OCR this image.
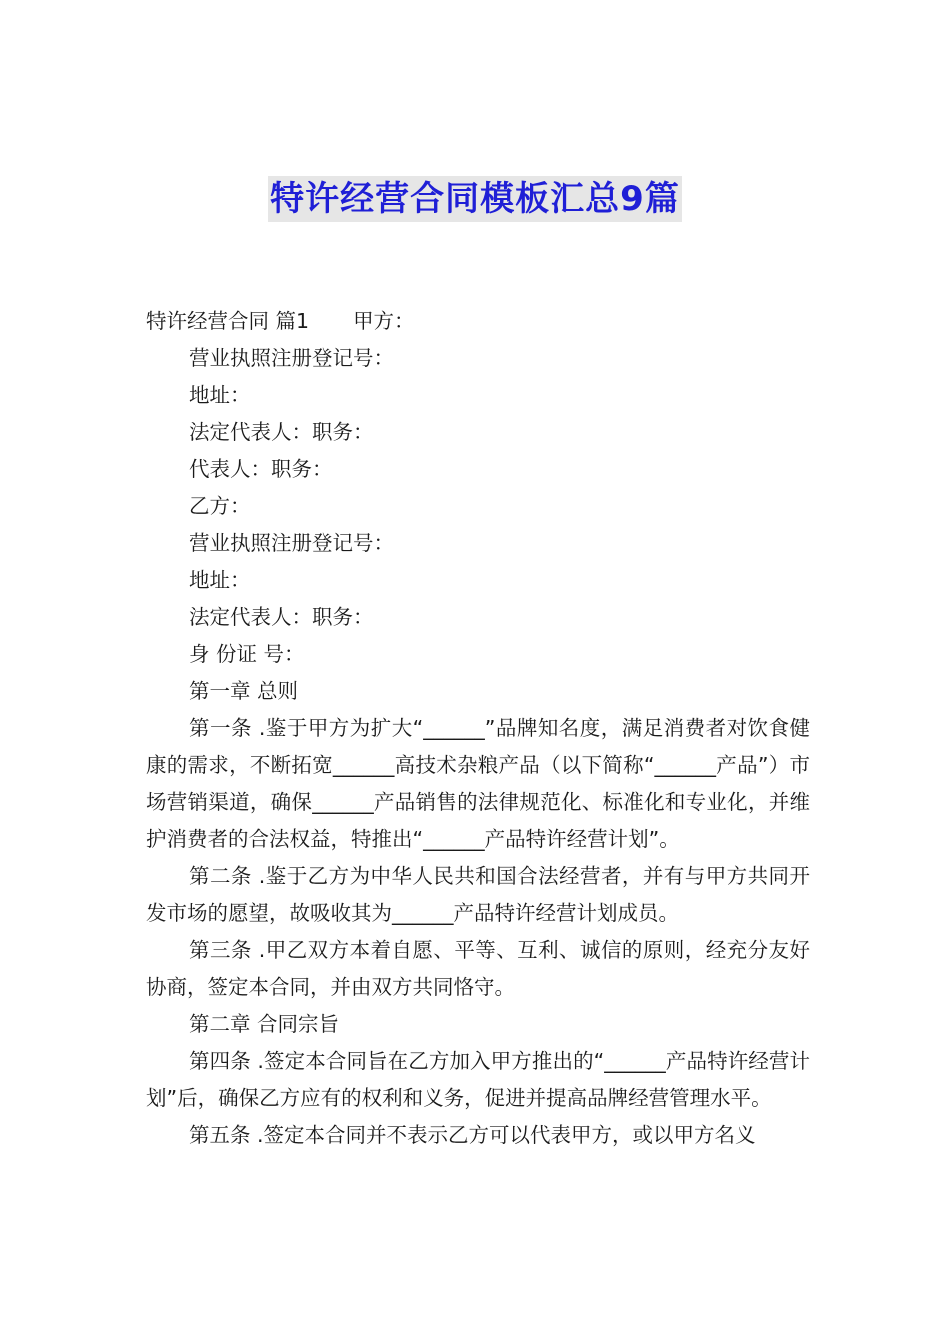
特许经营合同模板汇总9篇

特许经营合同 篇1 甲方：

营业执照注册登记号：

地址：

法定代表人：职务：

代表人：职务：

乙方：

营业执照注册登记号：

地址：

法定代表人：职务：

身 份证 号：

第一章 总则

第一条 .鉴于甲方为扩大“______”品牌知名度，满足消费者对饮食健康的需求，不断拓宽______高技术杂粮产品（以下简称“______产品”）市场营销渠道，确保______产品销售的法律规范化、标准化和专业化，并维护消费者的合法权益，特推出“______产品特许经营计划”。

第二条 .鉴于乙方为中华人民共和国合法经营者，并有与甲方共同开发市场的愿望，故吸收其为______产品特许经营计划成员。

第三条 .甲乙双方本着自愿、平等、互利、诚信的原则，经充分友好协商，签定本合同，并由双方共同恪守。

第二章 合同宗旨

第四条 .签定本合同旨在乙方加入甲方推出的“______产品特许经营计划”后，确保乙方应有的权利和义务，促进并提高品牌经营管理水平。

第五条 .签定本合同并不表示乙方可以代表甲方，或以甲方名义
